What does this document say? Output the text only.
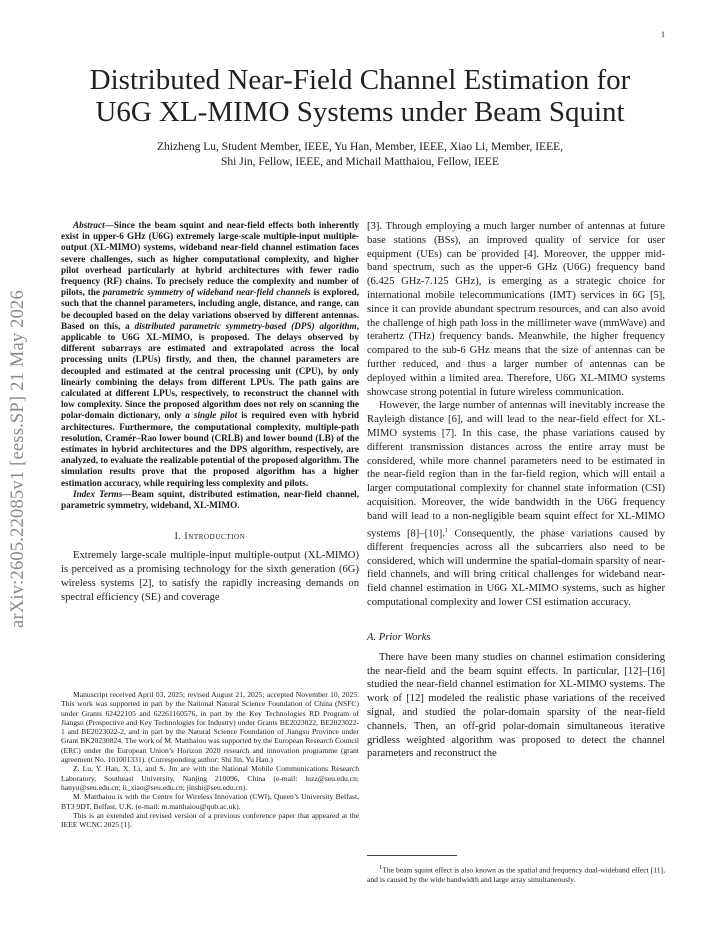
1
arXiv:2605.22085v1 [eess.SP] 21 May 2026
Distributed Near-Field Channel Estimation for
U6G XL-MIMO Systems under Beam Squint
Zhizheng Lu, Student Member, IEEE, Yu Han, Member, IEEE, Xiao Li, Member, IEEE,
Shi Jin, Fellow, IEEE, and Michail Matthaiou, Fellow, IEEE

Abstract—Since the beam squint and near-field effects both inherently exist in upper-6 GHz (U6G) extremely large-scale multiple-input multiple-output (XL-MIMO) systems, wideband near-field channel estimation faces severe challenges, such as higher computational complexity, and higher pilot overhead particularly at hybrid architectures with fewer radio frequency (RF) chains. To precisely reduce the complexity and number of pilots, the parametric symmetry of wideband near-field channels is explored, such that the channel parameters, including angle, distance, and range, can be decoupled based on the delay variations observed by different antennas. Based on this, a distributed parametric symmetry-based (DPS) algorithm, applicable to U6G XL-MIMO, is proposed. The delays observed by different subarrays are estimated and extrapolated across the local processing units (LPUs) firstly, and then, the channel parameters are decoupled and estimated at the central processing unit (CPU), by only linearly combining the delays from different LPUs. The path gains are calculated at different LPUs, respectively, to reconstruct the channel with low complexity. Since the proposed algorithm does not rely on scanning the polar-domain dictionary, only a single pilot is required even with hybrid architectures. Furthermore, the computational complexity, multiple-path resolution, Cramér–Rao lower bound (CRLB) and lower bound (LB) of the estimates in hybrid architectures and the DPS algorithm, respectively, are analyzed, to evaluate the realizable potential of the proposed algorithm. The simulation results prove that the proposed algorithm has a higher estimation accuracy, while requiring less complexity and pilots.

Index Terms—Beam squint, distributed estimation, near-field channel, parametric symmetry, wideband, XL-MIMO.

I. Introduction

Extremely large-scale multiple-input multiple-output (XL-MIMO) is perceived as a promising technology for the sixth generation (6G) wireless systems [2], to satisfy the rapidly increasing demands on spectral efficiency (SE) and coverage

Manuscript received April 03, 2025; revised August 21, 2025; accepted November 10, 2025. This work was supported in part by the National Natural Science Foundation of China (NSFC) under Grants 62422105 and 62261160576, in part by the Key Technologies RD Program of Jiangsu (Prospective and Key Technologies for Industry) under Grants BE2023022, BE2023022-1 and BE2023022-2, and in part by the Natural Science Foundation of Jiangsu Province under Grant BK20230824. The work of M. Matthaiou was supported by the European Research Council (ERC) under the European Union’s Horizon 2020 research and innovation programme (grant agreement No. 101001331). (Corresponding author: Shi Jin, Yu Han.)

Z. Lu, Y. Han, X. Li, and S. Jin are with the National Mobile Communications Research Laboratory, Southeast University, Nanjing 210096, China (e-mail: luzz@seu.edu.cn; hanyu@seu.edu.cn; li_xiao@seu.edu.cn; jinshi@seu.edu.cn).

M. Matthaiou is with the Centre for Wireless Innovation (CWI), Queen’s University Belfast, BT3 9DT, Belfast, U.K. (e-mail: m.matthaiou@qub.ac.uk).

This is an extended and revised version of a previous conference paper that appeared at the IEEE WCNC 2025 [1].

[3]. Through employing a much larger number of antennas at future base stations (BSs), an improved quality of service for user equipment (UEs) can be provided [4]. Moreover, the uppper mid-band spectrum, such as the upper-6 GHz (U6G) frequency band (6.425 GHz-7.125 GHz), is emerging as a strategic choice for international mobile telecommunications (IMT) services in 6G [5], since it can provide abundant spectrum resources, and can also avoid the challenge of high path loss in the millimeter wave (mmWave) and terahertz (THz) frequency bands. Meanwhile, the higher frequency compared to the sub-6 GHz means that the size of antennas can be further reduced, and thus a larger number of antennas can be deployed within a limited area. Therefore, U6G XL-MIMO systems showcase strong potential in future wireless communication.

However, the large number of antennas will inevitably increase the Rayleigh distance [6], and will lead to the near-field effect for XL-MIMO systems [7]. In this case, the phase variations caused by different transmission distances across the entire array must be considered, while more channel parameters need to be estimated in the near-field region than in the far-field region, which will entail a larger computational complexity for channel state information (CSI) acquisition. Moreover, the wide bandwidth in the U6G frequency band will lead to a non-negligible beam squint effect for XL-MIMO systems [8]–[10].$^1$ Consequently, the phase variations caused by different frequencies across all the subcarriers also need to be considered, which will undermine the spatial-domain sparsity of near-field channels, and will bring critical challenges for wideband near-field channel estimation in U6G XL-MIMO systems, such as higher computational complexity and lower CSI estimation accuracy.

A. Prior Works

There have been many studies on channel estimation considering the near-field and the beam squint effects. In particular, [12]–[16] studied the near-field channel estimation for XL-MIMO systems. The work of [12] modeled the realistic phase variations of the received signal, and studied the polar-domain sparsity of the near-field channels. Then, an off-grid polar-domain simultaneous iterative gridless weighted algorithm was proposed to detect the channel parameters and reconstruct the

$^1$The beam squint effect is also known as the spatial and frequency dual-wideband effect [11], and is caused by the wide bandwidth and large array simultaneously.
